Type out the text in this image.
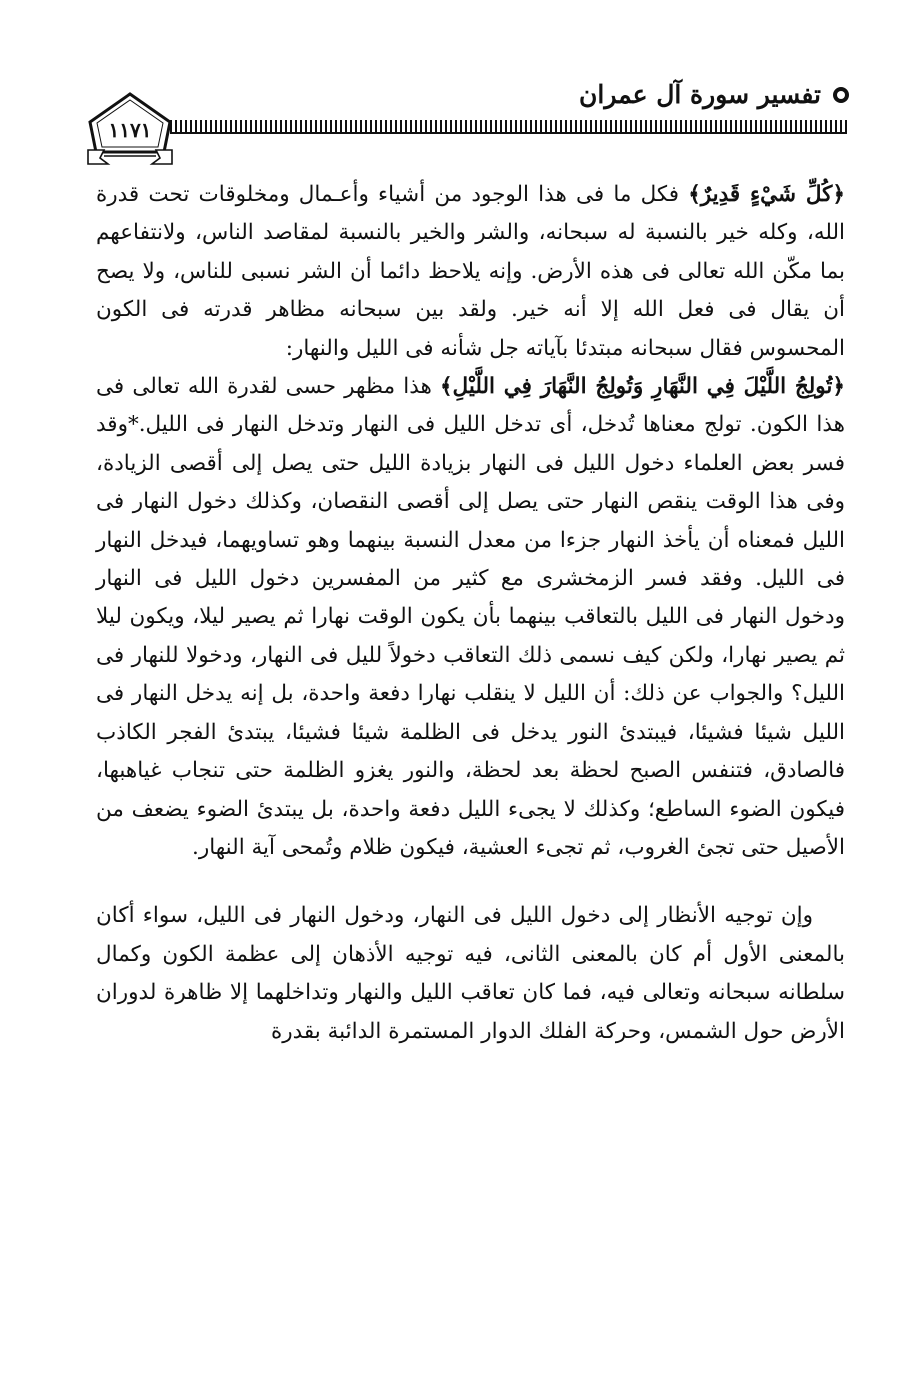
تفسير سورة آل عمران
١١٧١

﴿كُلِّ شَيْءٍ قَدِيرٌ﴾ فكل ما فى هذا الوجود من أشياء وأعـمال ومخلوقات تحت قدرة الله، وكله خير بالنسبة له سبحانه، والشر والخير بالنسبة لمقاصد الناس، ولانتفاعهم بما مكّن الله تعالى فى هذه الأرض. وإنه يلاحظ دائما أن الشر نسبى للناس، ولا يصح أن يقال فى فعل الله إلا أنه خير. ولقد بين سبحانه مظاهر قدرته فى الكون المحسوس فقال سبحانه مبتدئا بآياته جل شأنه فى الليل والنهار:

﴿تُولِجُ اللَّيْلَ فِي النَّهَارِ وَتُولِجُ النَّهَارَ فِي اللَّيْلِ﴾ هذا مظهر حسى لقدرة الله تعالى فى هذا الكون. تولج معناها تُدخل، أى تدخل الليل فى النهار وتدخل النهار فى الليل.*وقد فسر بعض العلماء دخول الليل فى النهار بزيادة الليل حتى يصل إلى أقصى الزيادة، وفى هذا الوقت ينقص النهار حتى يصل إلى أقصى النقصان، وكذلك دخول النهار فى الليل فمعناه أن يأخذ النهار جزءا من معدل النسبة بينهما وهو تساويهما، فيدخل النهار فى الليل. وفقد فسر الزمخشرى مع كثير من المفسرين دخول الليل فى النهار ودخول النهار فى الليل بالتعاقب بينهما بأن يكون الوقت نهارا ثم يصير ليلا، ويكون ليلا ثم يصير نهارا، ولكن كيف نسمى ذلك التعاقب دخولاً لليل فى النهار، ودخولا للنهار فى الليل؟ والجواب عن ذلك: أن الليل لا ينقلب نهارا دفعة واحدة، بل إنه يدخل النهار فى الليل شيئا فشيئا، فيبتدئ النور يدخل فى الظلمة شيئا فشيئا، يبتدئ الفجر الكاذب فالصادق، فتنفس الصبح لحظة بعد لحظة، والنور يغزو الظلمة حتى تنجاب غياهبها، فيكون الضوء الساطع؛ وكذلك لا يجىء الليل دفعة واحدة، بل يبتدئ الضوء يضعف من الأصيل حتى تجئ الغروب، ثم تجىء العشية، فيكون ظلام وتُمحى آية النهار.

وإن توجيه الأنظار إلى دخول الليل فى النهار، ودخول النهار فى الليل، سواء أكان بالمعنى الأول أم كان بالمعنى الثانى، فيه توجيه الأذهان إلى عظمة الكون وكمال سلطانه سبحانه وتعالى فيه، فما كان تعاقب الليل والنهار وتداخلهما إلا ظاهرة لدوران الأرض حول الشمس، وحركة الفلك الدوار المستمرة الدائبة بقدرة
